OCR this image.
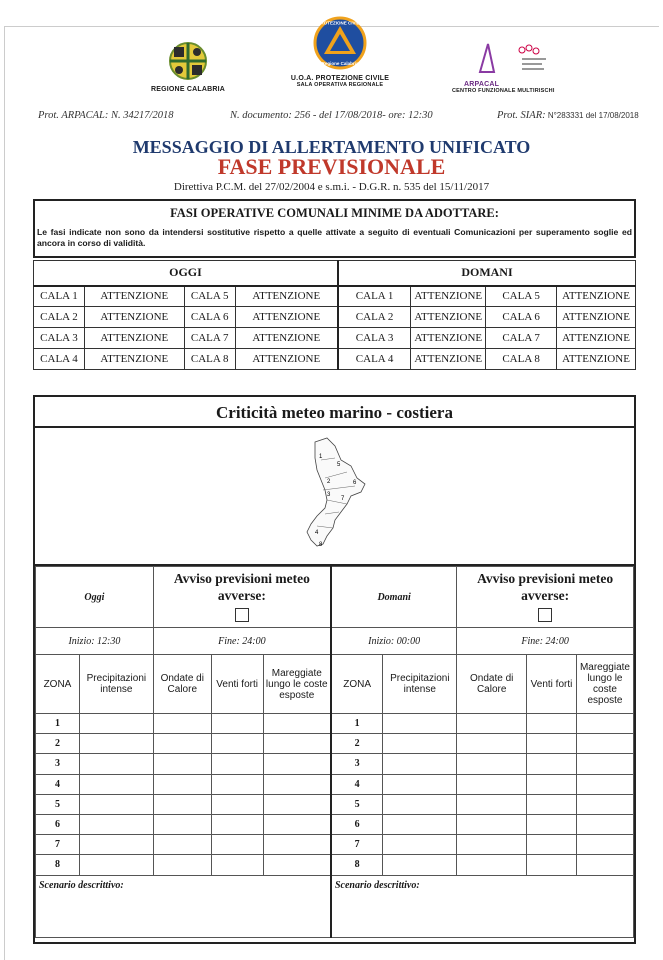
REGIONE CALABRIA
PROTEZIONE CIVILE
Regione Calabria
U.O.A. PROTEZIONE CIVILE
SALA OPERATIVA REGIONALE	ARPACAL
CENTRO FUNZIONALE MULTIRISCHI
Prot. ARPACAL: N. 34217/2018	N. documento: 256 - del 17/08/2018- ore: 12:30	Prot. SIAR: N°283331 del 17/08/2018
MESSAGGIO DI ALLERTAMENTO UNIFICATO
FASE PREVISIONALE
Direttiva P.C.M. del 27/02/2004 e s.m.i. - D.G.R. n. 535 del 15/11/2017
FASI OPERATIVE COMUNALI MINIME DA ADOTTARE:
Le fasi indicate non sono da intendersi sostitutive rispetto a quelle attivate a seguito di eventuali Comunicazioni per superamento soglie ed ancora in corso di validità.
OGGI				DOMANI			
CALA 1	ATTENZIONE	CALA 5	ATTENZIONE	CALA 1	ATTENZIONE	CALA 5	ATTENZIONE
CALA 2	ATTENZIONE	CALA 6	ATTENZIONE	CALA 2	ATTENZIONE	CALA 6	ATTENZIONE
CALA 3	ATTENZIONE	CALA 7	ATTENZIONE	CALA 3	ATTENZIONE	CALA 7	ATTENZIONE
CALA 4	ATTENZIONE	CALA 8	ATTENZIONE	CALA 4	ATTENZIONE	CALA 8	ATTENZIONE
Criticità meteo marino - costiera
1
2
3
4
5
6
7
8
Oggi		Avviso previsioni meteo avverse:			Domani		Avviso previsioni meteo avverse:		

Inizio: 12:30		Fine: 24:00			Inizio: 00:00		Fine: 24:00		
ZONA	Precipitazioni intense	Ondate di Calore	Venti forti	Mareggiate lungo le coste esposte	ZONA	Precipitazioni intense	Ondate di Calore	Venti forti	Mareggiate lungo le coste esposte
1					1				
2					2				
3					3				
4					4				
5					5				
6					6				
7					7				
8					8				
Scenario descrittivo:					Scenario descrittivo:				
